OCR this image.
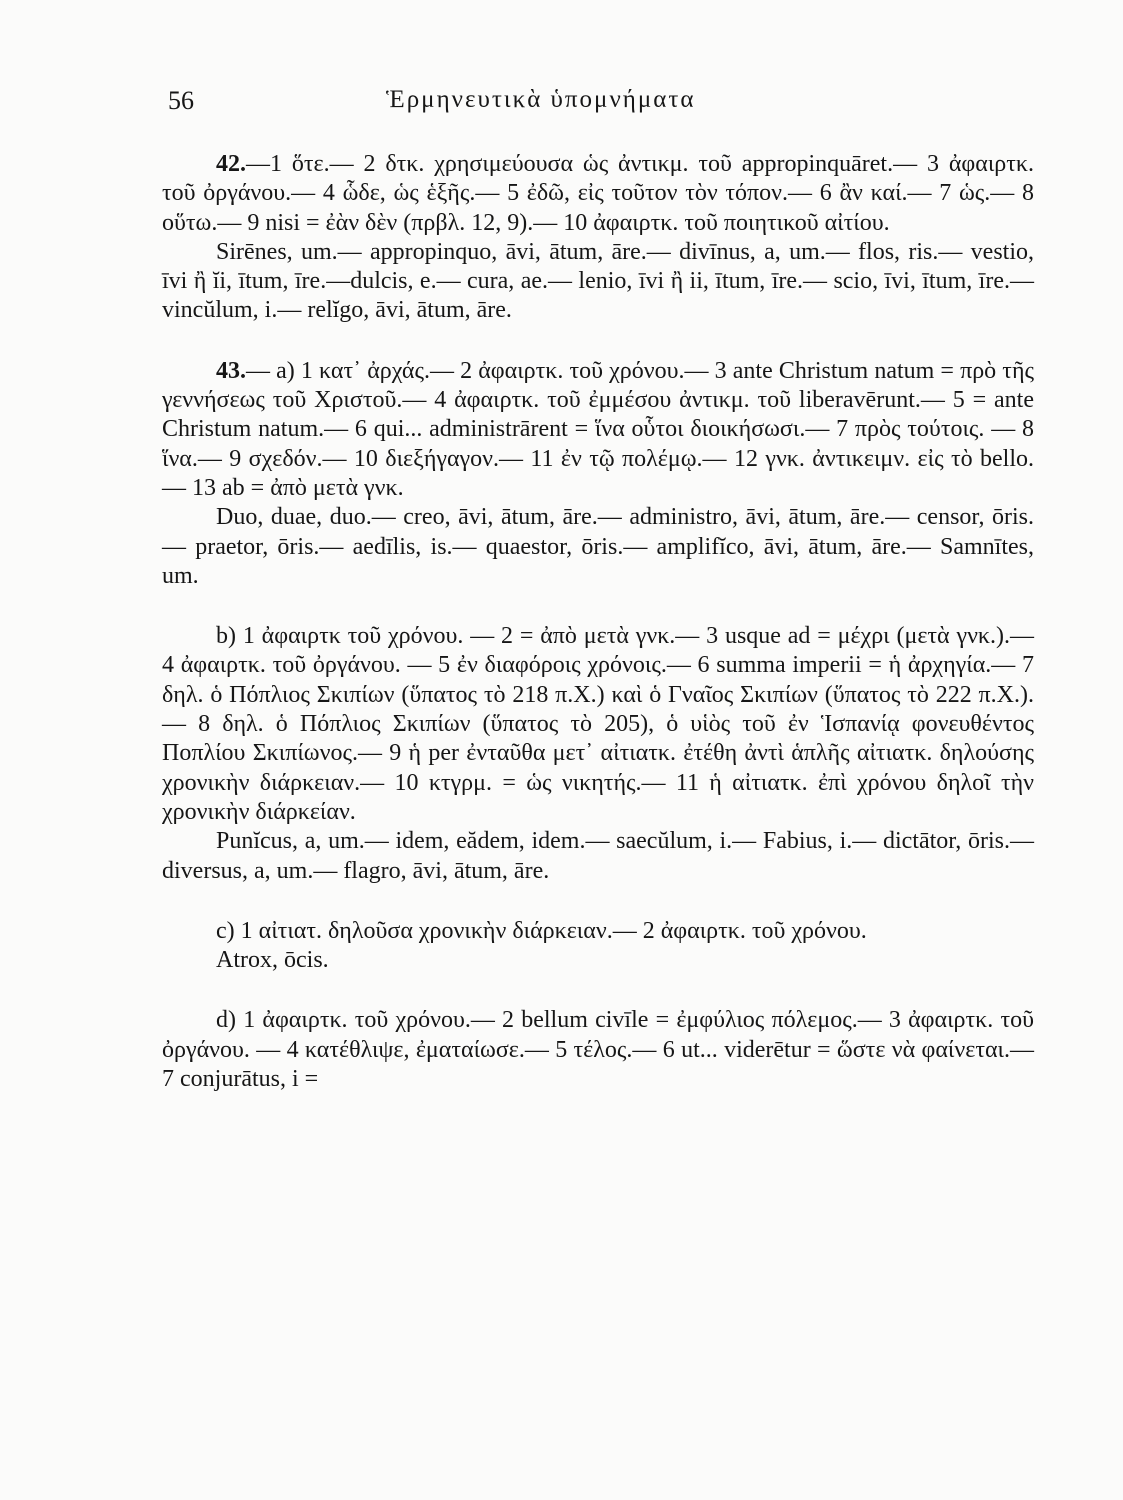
56	Ἑρμηνευτικὰ ὑπομνήματα

42.—1 ὅτε.— 2 δτκ. χρησιμεύουσα ὡς ἀντικμ. τοῦ appropinquāret.— 3 ἀφαιρτκ. τοῦ ὀργάνου.— 4 ὧδε, ὡς ἑξῆς.— 5 ἐδῶ, εἰς τοῦτον τὸν τόπον.— 6 ἂν καί.— 7 ὡς.— 8 οὕτω.— 9 nisi = ἐὰν δὲν (πρβλ. 12, 9).— 10 ἀφαιρτκ. τοῦ ποιητικοῦ αἰτίου.

Sirēnes, um.— appropinquo, āvi, ātum, āre.— divīnus, a, um.— flos, ris.— vestio, īvi ἢ ĭi, ītum, īre.—dulcis, e.— cura, ae.— lenio, īvi ἢ ii, ītum, īre.— scio, īvi, ītum, īre.— vincŭlum, i.— relĭgo, āvi, ātum, āre.

43.— a) 1 κατ᾽ ἀρχάς.— 2 ἀφαιρτκ. τοῦ χρόνου.— 3 ante Christum natum = πρὸ τῆς γεννήσεως τοῦ Χριστοῦ.— 4 ἀφαιρτκ. τοῦ ἐμμέσου ἀντικμ. τοῦ liberavērunt.— 5 = ante Christum natum.— 6 qui... administrārent = ἵνα οὗτοι διοικήσωσι.— 7 πρὸς τούτοις. — 8 ἵνα.— 9 σχεδόν.— 10 διεξήγαγον.— 11 ἐν τῷ πολέμῳ.— 12 γνκ. ἀντικειμν. εἰς τὸ bello.— 13 ab = ἀπὸ μετὰ γνκ.

Duo, duae, duo.— creo, āvi, ātum, āre.— administro, āvi, ātum, āre.— censor, ōris.— praetor, ōris.— aedīlis, is.— quaestor, ōris.— amplifĭco, āvi, ātum, āre.— Samnītes, um.

b) 1 ἀφαιρτκ τοῦ χρόνου. — 2 = ἀπὸ μετὰ γνκ.— 3 usque ad = μέχρι (μετὰ γνκ.).— 4 ἀφαιρτκ. τοῦ ὀργάνου. — 5 ἐν διαφόροις χρόνοις.— 6 summa imperii = ἡ ἀρχηγία.— 7 δηλ. ὁ Πόπλιος Σκιπίων (ὕπατος τὸ 218 π.Χ.) καὶ ὁ Γναῖος Σκιπίων (ὕπατος τὸ 222 π.Χ.).— 8 δηλ. ὁ Πόπλιος Σκιπίων (ὕπατος τὸ 205), ὁ υἱὸς τοῦ ἐν Ἱσπανίᾳ φονευθέντος Ποπλίου Σκιπίωνος.— 9 ἡ per ἐνταῦθα μετ᾽ αἰτιατκ. ἐτέθη ἀντὶ ἁπλῆς αἰτιατκ. δηλούσης χρονικὴν διάρκειαν.— 10 κτγρμ. = ὡς νικητής.— 11 ἡ αἰτιατκ. ἐπὶ χρόνου δηλοῖ τὴν χρονικὴν διάρκείαν.

Punĭcus, a, um.— idem, eădem, idem.— saecŭlum, i.— Fabius, i.— dictātor, ōris.— diversus, a, um.— flagro, āvi, ātum, āre.

c) 1 αἰτιατ. δηλοῦσα χρονικὴν διάρκειαν.— 2 ἀφαιρτκ. τοῦ χρόνου.

Atrox, ōcis.

d) 1 ἀφαιρτκ. τοῦ χρόνου.— 2 bellum civīle = ἐμφύλιος πόλεμος.— 3 ἀφαιρτκ. τοῦ ὀργάνου. — 4 κατέθλιψε, ἐματαίωσε.— 5 τέλος.— 6 ut... viderētur = ὥστε νὰ φαίνεται.— 7 conjurātus, i =
